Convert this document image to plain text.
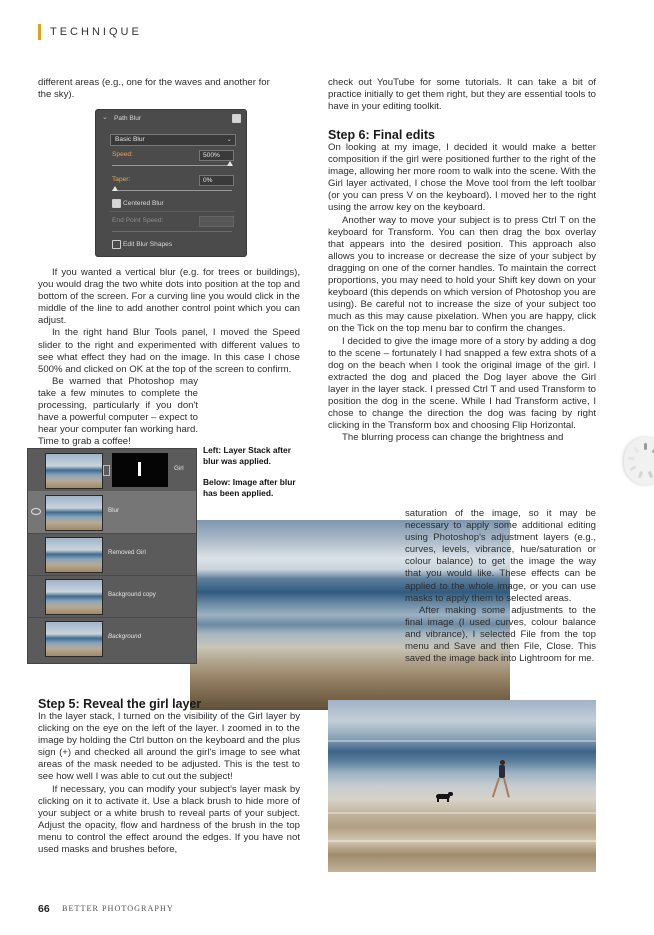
TECHNIQUE

different areas (e.g., one for the waves and another for the sky).

⌄ Path Blur
Basic Blur	⌄
Speed:	500%
Taper:	0%
Centered Blur
End Point Speed:
Edit Blur Shapes

If you wanted a vertical blur (e.g. for trees or buildings), you would drag the two white dots into position at the top and bottom of the screen. For a curving line you would click in the middle of the line to add another control point which you can adjust.

In the right hand Blur Tools panel, I moved the Speed slider to the right and experimented with different values to see what effect they had on the image. In this case I chose 500% and clicked on OK at the top of the screen to confirm.

Be warned that Photoshop may take a few minutes to complete the processing, particularly if you don't have a powerful computer – expect to hear your computer fan working hard. Time to grab a coffee!

Left: Layer Stack after blur was applied.
Below: Image after blur has been applied.
Girl
Blur
Removed Girl
Background copy
Background
Step 5: Reveal the girl layer

In the layer stack, I turned on the visibility of the Girl layer by clicking on the eye on the left of the layer. I zoomed in to the image by holding the Ctrl button on the keyboard and the plus sign (+) and checked all around the girl's image to see what areas of the mask needed to be adjusted. This is the test to see how well I was able to cut out the subject!

If necessary, you can modify your subject's layer mask by clicking on it to activate it. Use a black brush to hide more of your subject or a white brush to reveal parts of your subject. Adjust the opacity, flow and hardness of the brush in the top menu to control the effect around the edges. If you have not used masks and brushes before,

check out YouTube for some tutorials. It can take a bit of practice initially to get them right, but they are essential tools to have in your editing toolkit.

Step 6: Final edits

On looking at my image, I decided it would make a better composition if the girl were positioned further to the right of the image, allowing her more room to walk into the scene. With the Girl layer activated, I chose the Move tool from the left toolbar (or you can press V on the keyboard). I moved her to the right using the arrow key on the keyboard.

Another way to move your subject is to press Ctrl T on the keyboard for Transform. You can then drag the box overlay that appears into the desired position. This approach also allows you to increase or decrease the size of your subject by dragging on one of the corner handles. To maintain the correct proportions, you may need to hold your Shift key down on your keyboard (this depends on which version of Photoshop you are using). Be careful not to increase the size of your subject too much as this may cause pixelation. When you are happy, click on the Tick on the top menu bar to confirm the changes.

I decided to give the image more of a story by adding a dog to the scene – fortunately I had snapped a few extra shots of a dog on the beach when I took the original image of the girl. I extracted the dog and placed the Dog layer above the Girl layer in the layer stack. I pressed Ctrl T and used Transform to position the dog in the scene. While I had Transform active, I chose to change the direction the dog was facing by right clicking in the Transform box and choosing Flip Horizontal.

The blurring process can change the brightness and

saturation of the image, so it may be necessary to apply some additional editing using Photoshop's adjustment layers (e.g., curves, levels, vibrance, hue/saturation or colour balance) to get the image the way that you would like. These effects can be applied to the whole image, or you can use masks to apply them to selected areas.

After making some adjustments to the final image (I used curves, colour balance and vibrance), I selected File from the top menu and Save and then File, Close. This saved the image back into Lightroom for me.

66 BETTER PHOTOGRAPHY
